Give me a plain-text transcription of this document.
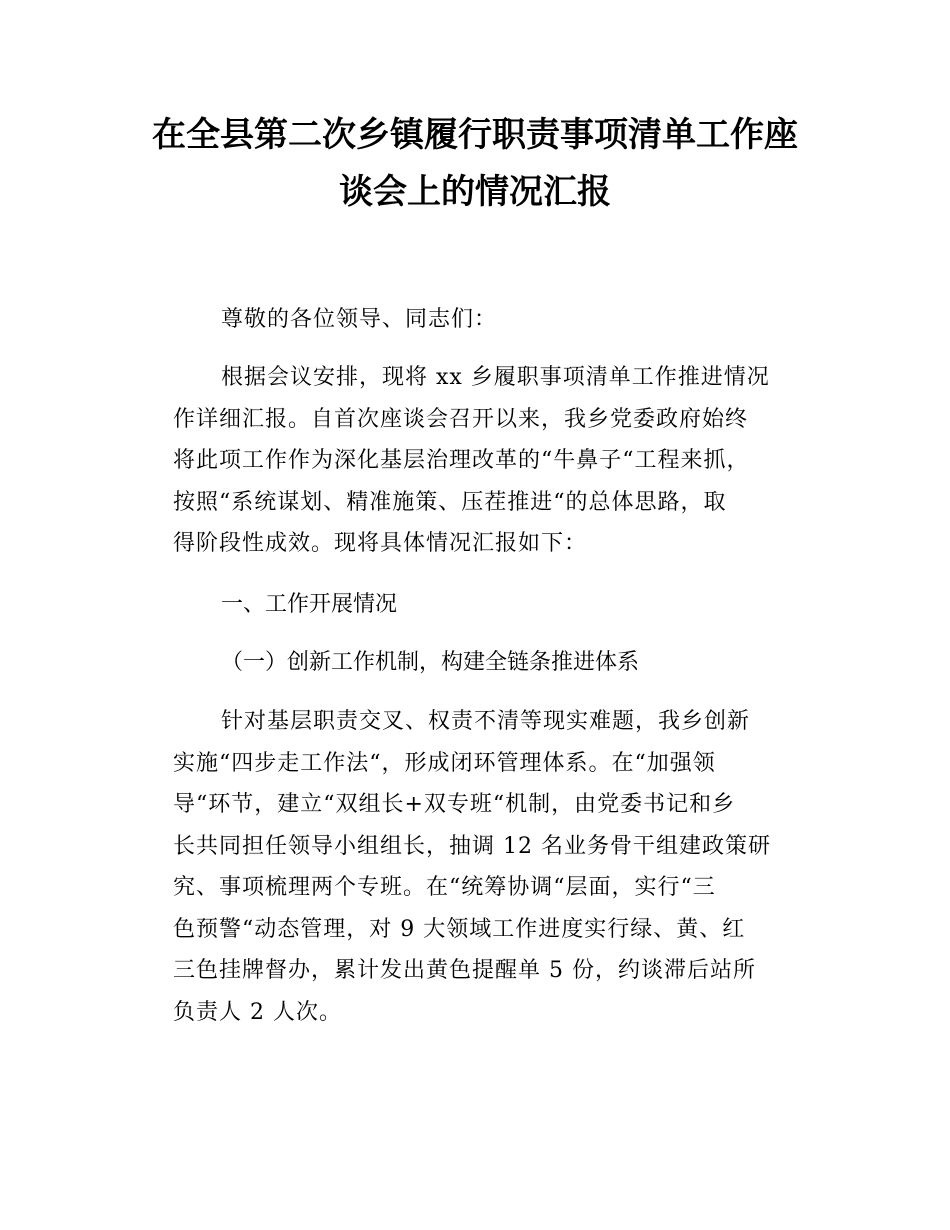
在全县第二次乡镇履行职责事项清单工作座
谈会上的情况汇报
尊敬的各位领导、同志们：
根据会议安排，现将 xx 乡履职事项清单工作推进情况
作详细汇报。自首次座谈会召开以来，我乡党委政府始终
将此项工作作为深化基层治理改革的“牛鼻子“工程来抓，
按照“系统谋划、精准施策、压茬推进“的总体思路，取
得阶段性成效。现将具体情况汇报如下：
一、工作开展情况
（一）创新工作机制，构建全链条推进体系
针对基层职责交叉、权责不清等现实难题，我乡创新
实施“四步走工作法“，形成闭环管理体系。在“加强领
导“环节，建立“双组长+双专班“机制，由党委书记和乡
长共同担任领导小组组长，抽调 12 名业务骨干组建政策研
究、事项梳理两个专班。在“统筹协调“层面，实行“三
色预警“动态管理，对 9 大领域工作进度实行绿、黄、红
三色挂牌督办，累计发出黄色提醒单 5 份，约谈滞后站所
负责人 2 人次。
